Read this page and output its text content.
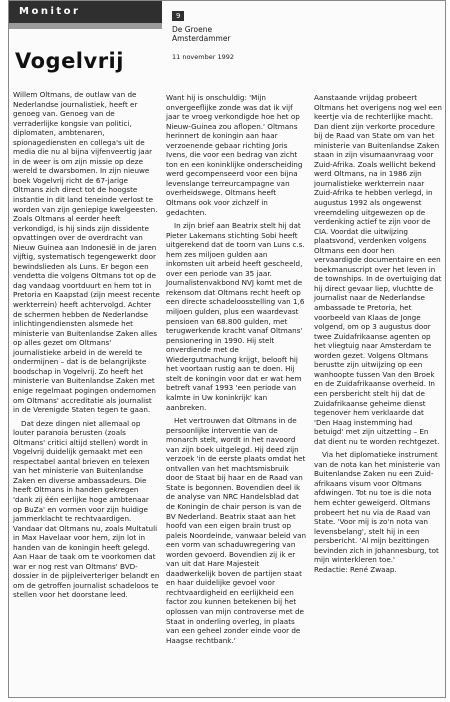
Monitor	9
De Groene
Amsterdammer
11 november 1992
Vogelvrij

Willem Oltmans, de outlaw van de Nederlandse journalistiek, heeft er genoeg van. Genoeg van de verraderlijke kongsie van politici, diplomaten, ambtenaren, spionagediensten en collega's uit de media die nu al bijna vijfenveertig jaar in de weer is om zijn missie op deze wereld te dwarsbomen. In zijn nieuwe boek Vogelvrij richt de 67-jarige Oltmans zich direct tot de hoogste instantie in dit land teneinde verlost te worden van zijn geniepige kwelgeesten. Zoals Oltmans al eerder heeft verkondigd, is hij sinds zijn dissidente opvattingen over de overdracht van Nieuw Guinea aan Indonesië in de jaren vijftig, systematisch tegengewerkt door bewindslieden als Luns. Er begon een vendetta die volgens Oltmans tot op de dag vandaag voortduurt en hem tot in Pretoria en Kaapstad (zijn meest recente werkterrein) heeft achtervolgd. Achter de schermen hebben de Nederlandse inlichtingendiensten alsmede het ministerie van Buitenlandse Zaken alles op alles gezet om Oltmans' journalistieke arbeid in de wereld te ondermijnen – dat is de belangrijkste boodschap in Vogelvrij. Zo heeft het ministerie van Buitenlandse Zaken met enige regelmaat pogingen ondernomen om Oltmans' accreditatie als journalist in de Verenigde Staten tegen te gaan.

Dat deze dingen niet allemaal op louter paranoia berusten (zoals Oltmans' critici altijd stellen) wordt in Vogelvrij duidelijk gemaakt met een respectabel aantal brieven en telexen van het ministerie van Buitenlandse Zaken en diverse ambassadeurs. Die heeft Oltmans in handen gekregen 'dank zij één eerlijke hoge ambtenaar op BuZa' en vormen voor zijn huidige jammerklacht te rechtvaardigen. Vandaar dat Oltmans nu, zoals Multatuli in Max Havelaar voor hem, zijn lot in handen van de koningin heeft gelegd. Aan Haar de taak om te voorkomen dat war er nog rest van Oltmans' BVD-dossier in de pijpleiverteriger belandt en om de getroffen journalist schadeloos te stellen voor het doorstane leed.

Want hij is onschuldig: 'Mijn onvergeeflijke zonde was dat ik vijf jaar te vroeg verkondigde hoe het op Nieuw-Guinea zou aflopen.' Oltmans herinnert de koningin aan haar verzoenende gebaar richting Joris Ivens, die voor een bedrag van zicht ton en een koninklijke onderscheiding werd gecompenseerd voor een bijna levenslange terreurcampagne van overheidswege. Oltmans heeft Oltmans ook voor zichzelf in gedachten.

In zijn brief aan Beatrix stelt hij dat Pieter Lakemans stichting Sobi heeft uitgerekend dat de toorn van Luns c.s. hem zes miljoen gulden aan inkomsten uit arbeid heeft gescheeld, over een periode van 35 jaar. Journalistenvakbond NVJ komt met de rekensom dat Oltmans recht heeft op een directe schadeloosstelling van 1,6 miljoen gulden, plus een waardevast pensioen van 68.800 gulden, met terugwerkende kracht vanaf Oltmans' pensionering in 1990. Hij stelt onverdiende met de Wiedergutmachung krijgt, belooft hij het voortaan rustig aan te doen. Hij stelt de koningin voor dat er wat hem betreft vanaf 1993 'een periode van kalmte in Uw koninkrijk' kan aanbreken.

Het vertrouwen dat Oltmans in de persoonlijke interventie van de monarch stelt, wordt in het navoord van zijn boek uitgelegd. Hij deed zijn verzoek 'in de eerste plaats omdat het ontvallen van het machtsmisbruik door de Staat bij haar en de Raad van State is begonnen. Bovendien deel ik de analyse van NRC Handelsblad dat de Koningin de chair person is van de BV Nederland. Beatrix staat aan het hoofd van een eigen brain trust op paleis Noordeinde, vanwaar beleid van een vorm van schaduwregering van worden gevoerd. Bovendien zij ik er van uit dat Hare Majesteit daadwerkelijk boven de partijen staat en haar duidelijke gevoel voor rechtvaardigheid en eerlijkheid een factor zou kunnen betekenen bij het oplossen van mijn controverse met de Staat in onderling overleg, in plaats van een geheel zonder einde voor de Haagse rechtbank.'

Aanstaande vrijdag probeert Oltmans het overigens nog wel een keertje via de rechterlijke macht. Dan dient zijn verkorte procedure bij de Raad van State om van het ministerie van Buitenlandse Zaken staan in zijn visumaanvraag voor Zuid-Afrika. Zoals wellicht bekend werd Oltmans, na in 1986 zijn journalistieke werkterrein naar Zuid-Afrika te hebben verlegd, in augustus 1992 als ongewenst vreemdeling uitgewezen op de verdenking actief te zijn voor de CIA. Voordat die uitwijzing plaatsvond, verdenken volgens Oltmans een door hen vervaardigde documentaire en een boekmanuscript over het leven in de townships. In de overtuiging dat hij direct gevaar liep, vluchtte de journalist naar de Nederlandse ambassade te Pretoria, het voorbeeld van Klaas de Jonge volgend, om op 3 augustus door twee Zuidafrikaanse agenten op het vliegtuig naar Amsterdam te worden gezet. Volgens Oltmans berustte zijn uitwijzing op een wanhoopte tussen Van den Broek en de Zuidafrikaanse overheid. In een persbericht stelt hij dat de Zuidafrikaanse geheime dienst tegenover hem verklaarde dat 'Den Haag instemming had betuigd' met zijn uitzetting – En dat dient nu te worden rechtgezet.

Via het diplomatieke instrument van de nota kan het ministerie van Buitenlandse Zaken nu een Zuid-afrikaans visum voor Oltmans afdwingen. Tot nu toe is die nota hem echter geweigerd. Oltmans probeert het nu via de Raad van State. 'Voor mij is zo'n nota van levensbelang', stelt hij in een persbericht. 'Al mijn bezittingen bevinden zich in Johannesburg, tot mijn winterkleren toe.'

Redactie: René Zwaap.
